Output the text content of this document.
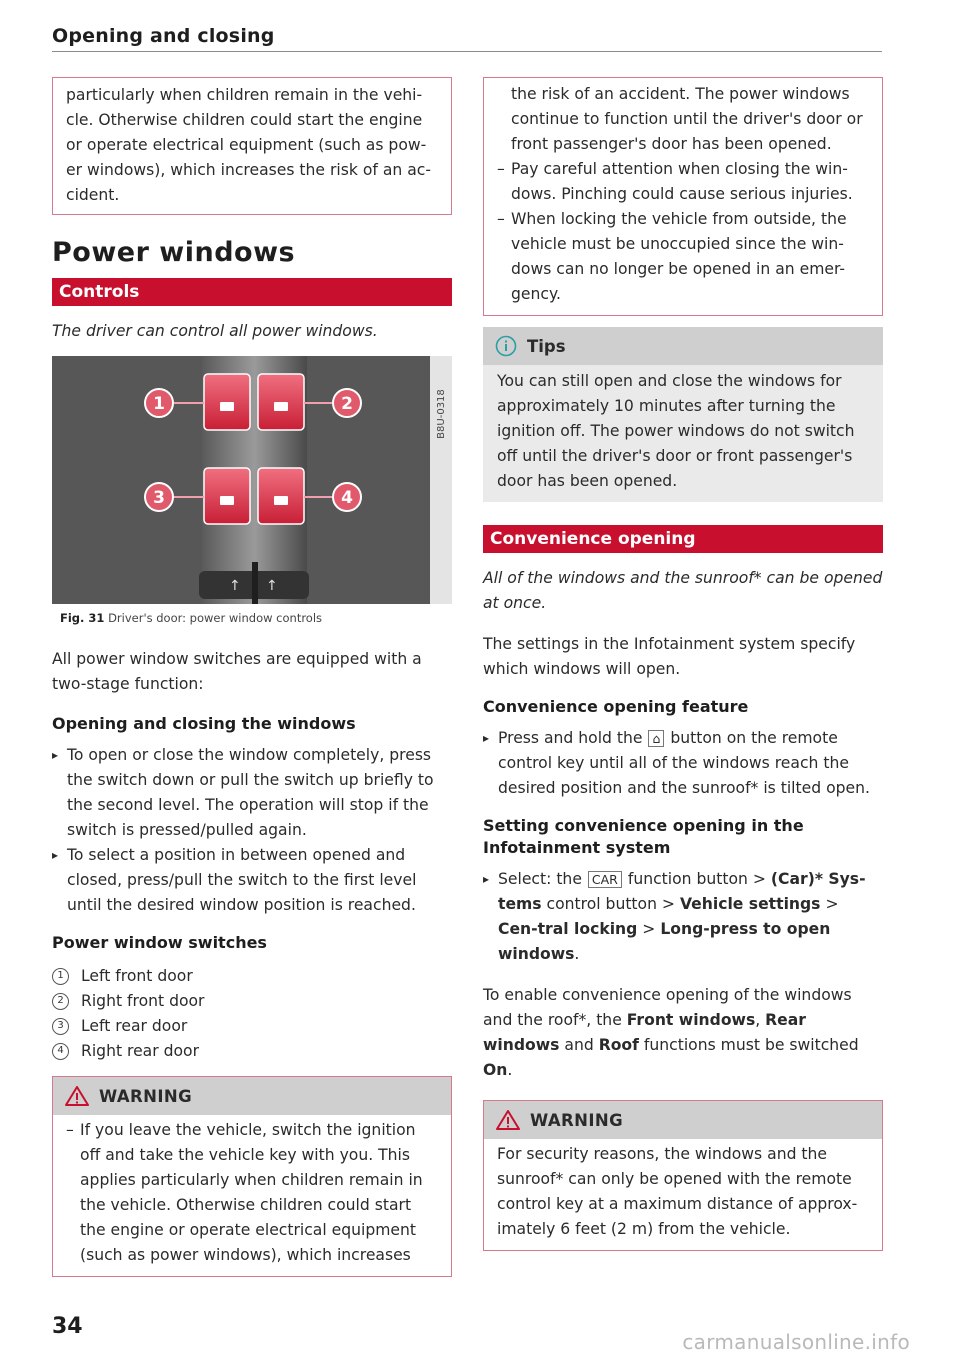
Opening and closing

particularly when children remain in the vehi-cle. Otherwise children could start the engine or operate electrical equipment (such as pow-er windows), which increases the risk of an ac-cident.

Power windows
Controls

The driver can control all power windows.

↑ ↑
1	2
3	4
B8U-0318
Fig. 31 Driver's door: power window controls

All power window switches are equipped with a two-stage function:

Opening and closing the windows
▸ To open or close the window completely, press the switch down or pull the switch up briefly to the second level. The operation will stop if the switch is pressed/pulled again.
▸ To select a position in between opened and closed, press/pull the switch to the first level until the desired window position is reached.
Power window switches
1	Left front door
2	Right front door
3	Left rear door
4	Right rear door
WARNING
– If you leave the vehicle, switch the ignition off and take the vehicle key with you. This applies particularly when children remain in the vehicle. Otherwise children could start the engine or operate electrical equipment (such as power windows), which increases

the risk of an accident. The power windows continue to function until the driver's door or front passenger's door has been opened.

– Pay careful attention when closing the win-dows. Pinching could cause serious injuries.
– When locking the vehicle from outside, the vehicle must be unoccupied since the win-dows can no longer be opened in an emer-gency.
Tips

You can still open and close the windows for approximately 10 minutes after turning the ignition off. The power windows do not switch off until the driver's door or front passenger's door has been opened.

Convenience opening

All of the windows and the sunroof* can be opened at once.

The settings in the Infotainment system specify which windows will open.

Convenience opening feature
▸ Press and hold the ⌂ button on the remote control key until all of the windows reach the desired position and the sunroof* is tilted open.
Setting convenience opening in the Infotainment system
▸ Select: the CAR function button > (Car)* Sys-tems control button > Vehicle settings > Cen-tral locking > Long-press to open windows.

To enable convenience opening of the windows and the roof*, the Front windows, Rear windows and Roof functions must be switched On.

WARNING

For security reasons, the windows and the sunroof* can only be opened with the remote control key at a maximum distance of approx-imately 6 feet (2 m) from the vehicle.

34
carmanualsonline.info
